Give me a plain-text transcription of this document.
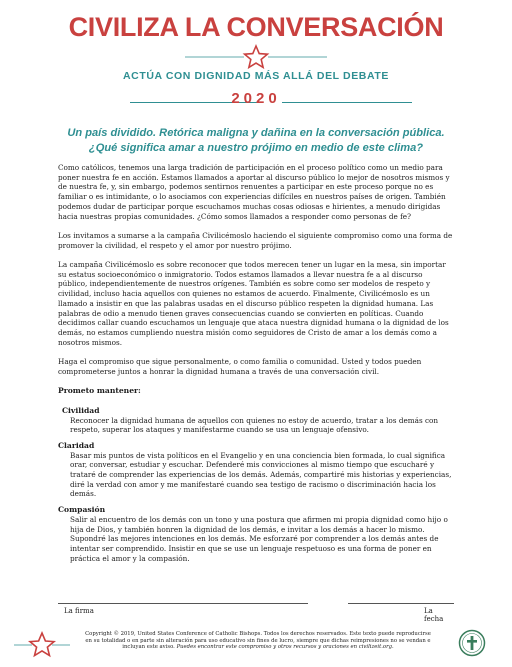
CIVILIZA LA CONVERSACIÓN
ACTÚA CON DIGNIDAD MÁS ALLÁ DEL DEBATE
2020
Un país dividido. Retórica maligna y dañina en la conversación pública.
¿Qué significa amar a nuestro prójimo en medio de este clima?

Como católicos, tenemos una larga tradición de participación en el proceso político como un medio para poner nuestra fe en acción. Estamos llamados a aportar al discurso público lo mejor de nosotros mismos y de nuestra fe, y, sin embargo, podemos sentirnos renuentes a participar en este proceso porque no es familiar o es intimidante, o lo asociamos con experiencias difíciles en nuestros países de origen. También podemos dudar de participar porque escuchamos muchas cosas odiosas e hirientes, a menudo dirigidas hacia nuestras propias comunidades. ¿Cómo somos llamados a responder como personas de fe?

Los invitamos a sumarse a la campaña Civilicémoslo haciendo el siguiente compromiso como una forma de promover la civilidad, el respeto y el amor por nuestro prójimo.

La campaña Civilicémoslo es sobre reconocer que todos merecen tener un lugar en la mesa, sin importar su estatus socioeconómico o inmigratorio. Todos estamos llamados a llevar nuestra fe a al discurso público, independientemente de nuestros orígenes. También es sobre como ser modelos de respeto y civilidad, incluso hacia aquellos con quienes no estamos de acuerdo. Finalmente, Civilicémoslo es un llamado a insistir en que las palabras usadas en el discurso público respeten la dignidad humana. Las palabras de odio a menudo tienen graves consecuencias cuando se convierten en políticas. Cuando decidimos callar cuando escuchamos un lenguaje que ataca nuestra dignidad humana o la dignidad de los demás, no estamos cumpliendo nuestra misión como seguidores de Cristo de amar a los demás como a nosotros mismos.

Haga el compromiso que sigue personalmente, o como familia o comunidad. Usted y todos pueden comprometerse juntos a honrar la dignidad humana a través de una conversación civil.

Prometo mantener:
Civilidad

Reconocer la dignidad humana de aquellos con quienes no estoy de acuerdo, tratar a los demás con respeto, superar los ataques y manifestarme cuando se usa un lenguaje ofensivo.

Claridad

Basar mis puntos de vista políticos en el Evangelio y en una conciencia bien formada, lo cual significa orar, conversar, estudiar y escuchar. Defenderé mis convicciones al mismo tiempo que escucharé y trataré de comprender las experiencias de los demás. Además, compartiré mis historias y experiencias, diré la verdad con amor y me manifestaré cuando sea testigo de racismo o discriminación hacia los demás.

Compasión

Salir al encuentro de los demás con un tono y una postura que afirmen mi propia dignidad como hijo o hija de Dios, y también honren la dignidad de los demás, e invitar a los demás a hacer lo mismo. Supondré las mejores intenciones en los demás. Me esforzaré por comprender a los demás antes de intentar ser comprendido. Insistir en que se use un lenguaje respetuoso es una forma de poner en práctica el amor y la compasión.

La firma	La fecha
Copyright © 2019, United States Conference of Catholic Bishops. Todos los derechos reservados. Este texto puede reproducirse en su totalidad o en parte sin alteración para uso educativo sin fines de lucro, siempre que dichas reimpresiones no se vendan e incluyan este aviso. Puedes encontrar este compromiso y otros recursos y oraciones en civilizeit.org.
